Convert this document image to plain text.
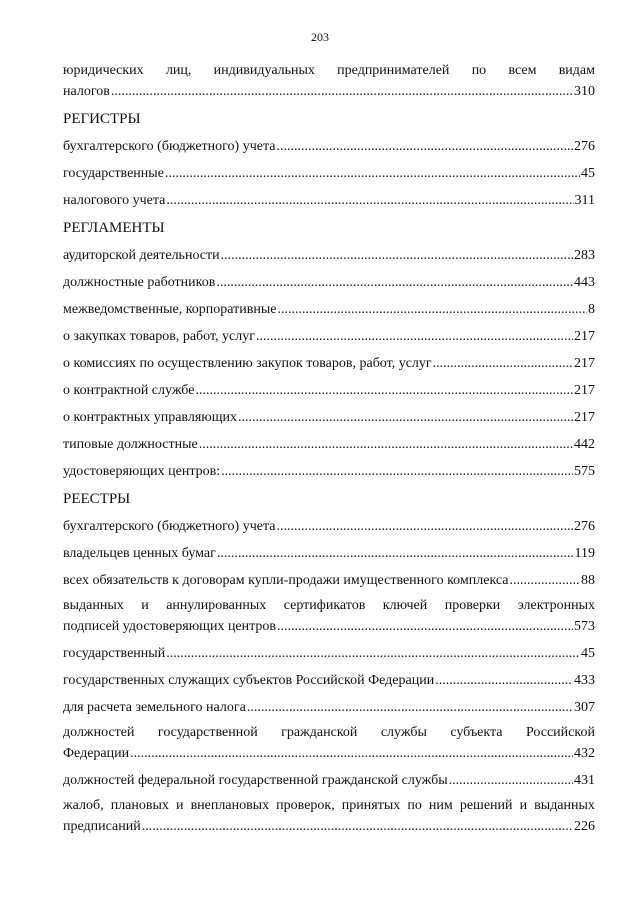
203
юридических лиц, индивидуальных предпринимателей по всем видам
налогов .....	310
РЕГИСТРЫ
бухгалтерского (бюджетного) учета .....	276
государственные .....	45
налогового учета .....	311
РЕГЛАМЕНТЫ
аудиторской деятельности .....	283
должностные работников .....	443
межведомственные, корпоративные .....	8
о закупках товаров, работ, услуг .....	217
о комиссиях по осуществлению закупок товаров, работ, услуг .....	217
о контрактной службе .....	217
о контрактных управляющих .....	217
типовые должностные .....	442
удостоверяющих центров: .....	575
РЕЕСТРЫ
бухгалтерского (бюджетного) учета .....	276
владельцев ценных бумаг .....	119
всех обязательств к договорам купли-продажи имущественного комплекса .....	88
выданных и аннулированных сертификатов ключей проверки электронных
подписей удостоверяющих центров .....	573
государственный .....	45
государственных служащих субъектов Российской Федерации .....	433
для расчета земельного налога .....	307
должностей государственной гражданской службы субъекта Российской
Федерации .....	432
должностей федеральной государственной гражданской службы .....	431
жалоб, плановых и внеплановых проверок, принятых по ним решений и выданных
предписаний .....	226
